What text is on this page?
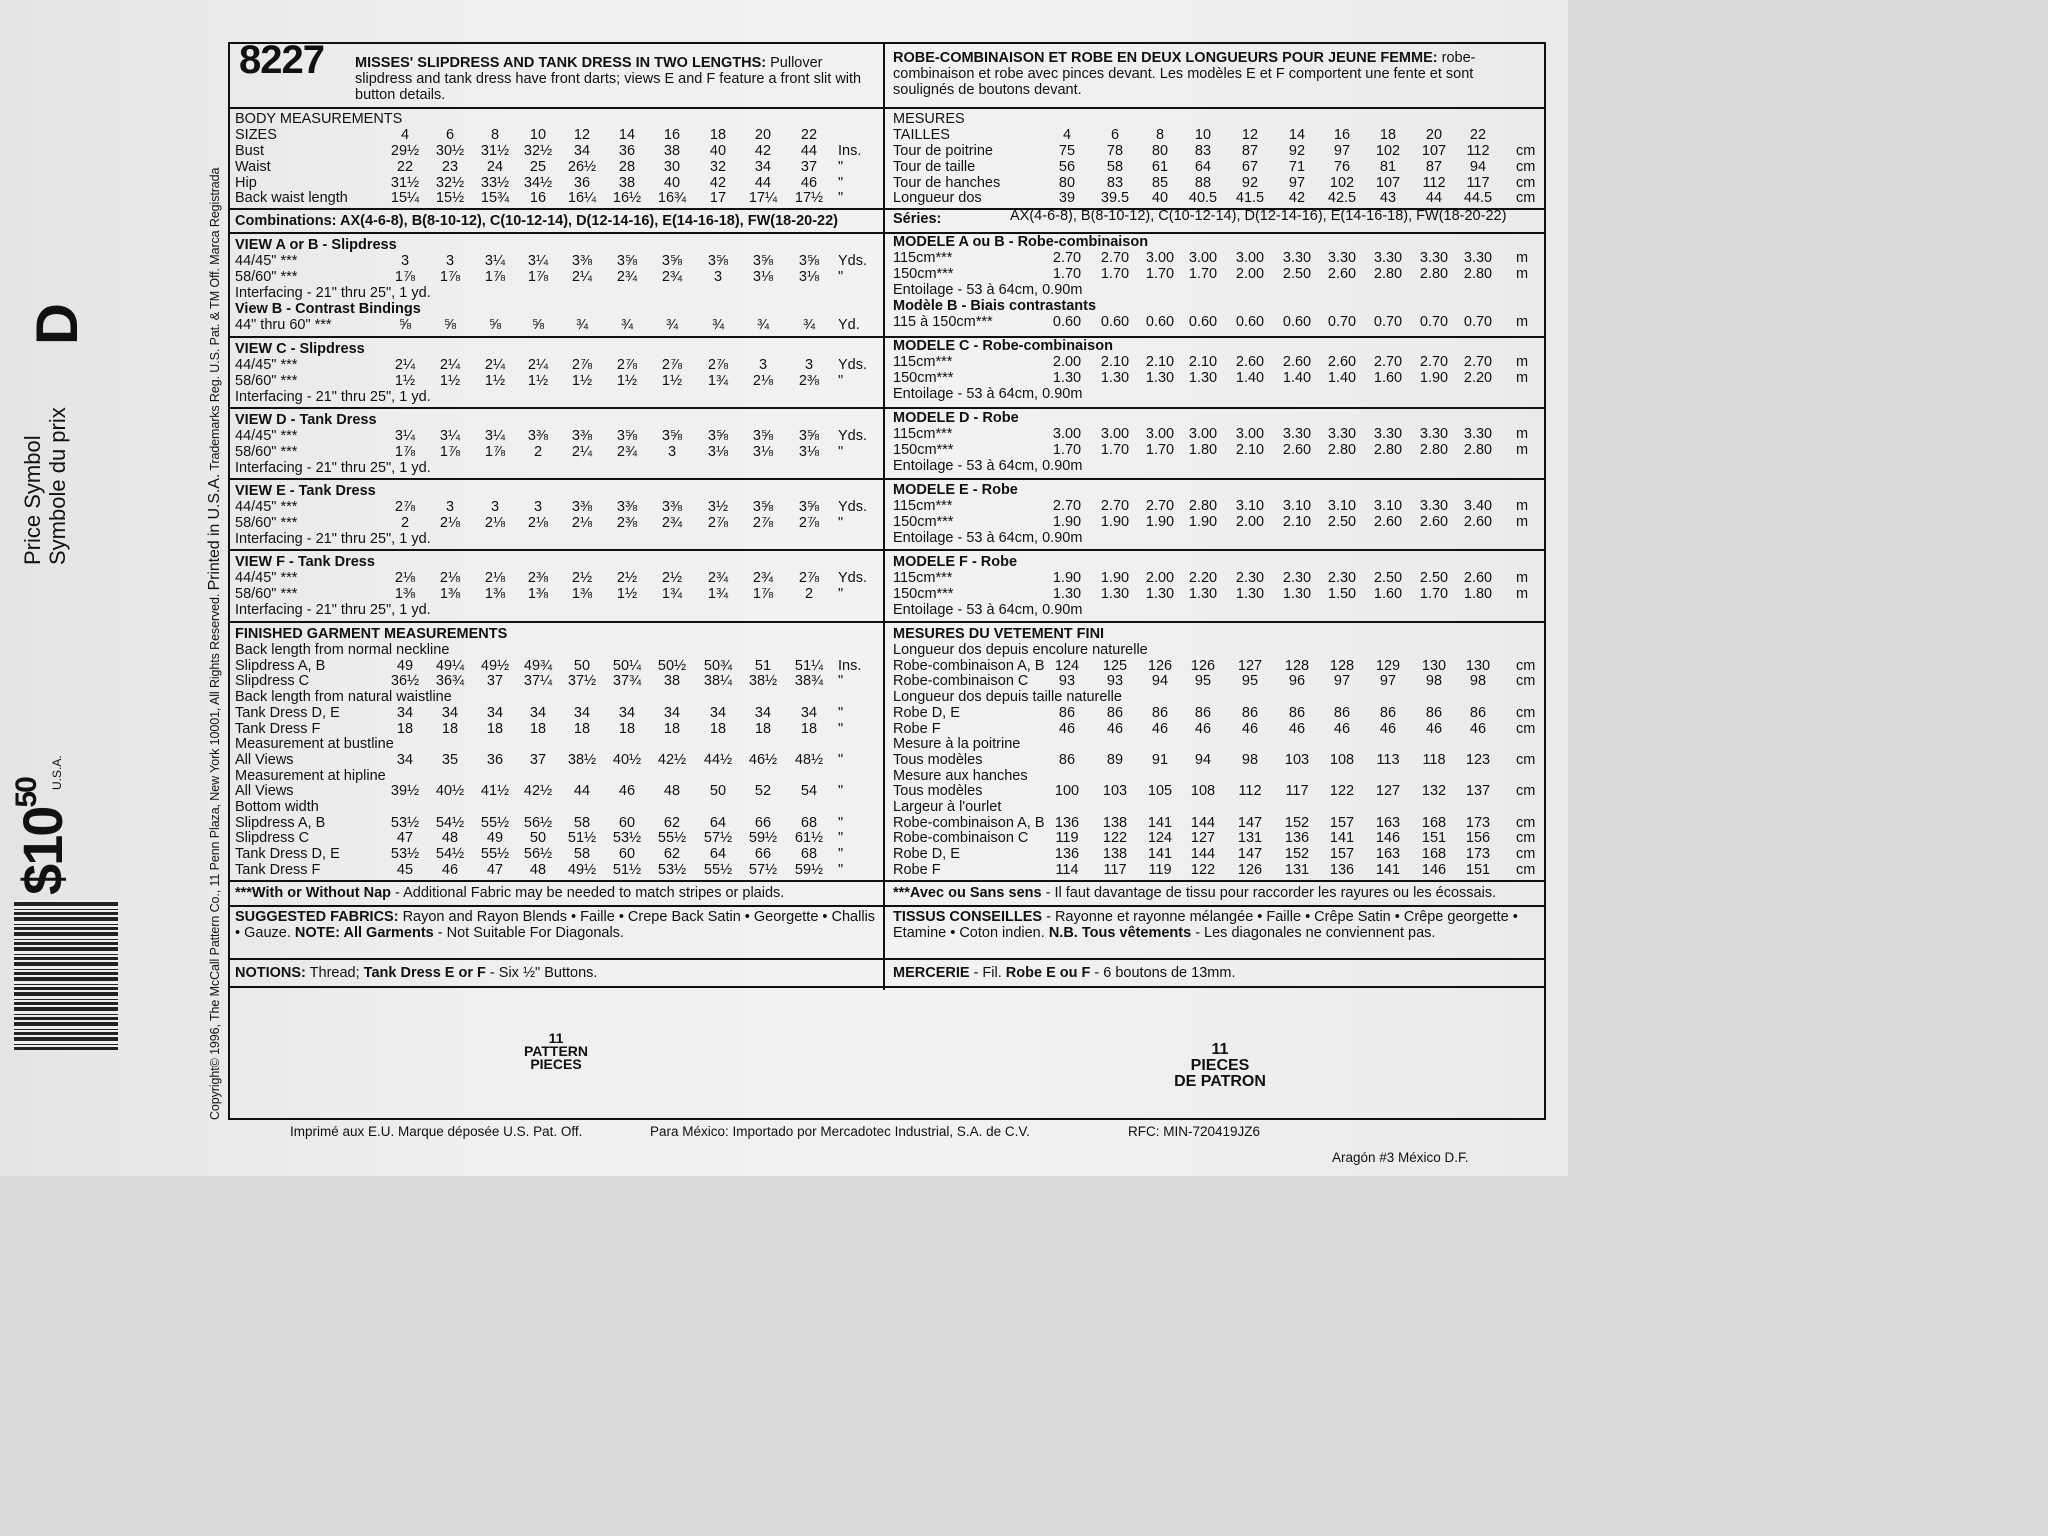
Copyright© 1996, The McCall Pattern Co., 11 Penn Plaza, New York 10001, All Rights Reserved. Printed in U.S.A. Trademarks Reg. U.S. Pat. & TM Off. Marca Registrada
Price Symbol Symbole du prix
D
$\$10^{50}$
U.S.A.
Imprimé aux E.U. Marque déposée U.S. Pat. Off.	Para México: Importado por Mercadotec Industrial, S.A. de C.V.	RFC: MIN-720419JZ6
Aragón #3 México D.F.
8227 MISSES' SLIPDRESS AND TANK DRESS IN TWO LENGTHS: Pullover slipdress and tank dress have front darts; views E and F feature a front slit with button details.
BODY MEASUREMENTS
SIZES	4	6	8	10	12	14	16	18	20	22
Bust	29½	30½	31½	32½	34	36	38	40	42	44	Ins.
Waist	22	23	24	25	26½	28	30	32	34	37	"
Hip	31½	32½	33½	34½	36	38	40	42	44	46	"
Back waist length	15¼	15½	15¾	16	16¼	16½	16¾	17	17¼	17½	"
Combinations: AX(4-6-8), B(8-10-12), C(10-12-14), D(12-14-16), E(14-16-18), FW(18-20-22)
VIEW A or B - Slipdress
44/45" ***	3	3	3¼	3¼	3⅜	3⅝	3⅝	3⅝	3⅝	3⅝	Yds.
58/60" ***	1⅞	1⅞	1⅞	1⅞	2¼	2¾	2¾	3	3⅛	3⅛	"
Interfacing - 21" thru 25", 1 yd.
View B - Contrast Bindings
44" thru 60" ***	⅝	⅝	⅝	⅝	¾	¾	¾	¾	¾	¾	Yd.
VIEW C - Slipdress
44/45" ***	2¼	2¼	2¼	2¼	2⅞	2⅞	2⅞	2⅞	3	3	Yds.
58/60" ***	1½	1½	1½	1½	1½	1½	1½	1¾	2⅛	2⅜	"
Interfacing - 21" thru 25", 1 yd.
VIEW D - Tank Dress
44/45" ***	3¼	3¼	3¼	3⅜	3⅜	3⅝	3⅝	3⅝	3⅝	3⅝	Yds.
58/60" ***	1⅞	1⅞	1⅞	2	2¼	2¾	3	3⅛	3⅛	3⅛	"
Interfacing - 21" thru 25", 1 yd.
VIEW E - Tank Dress
44/45" ***	2⅞	3	3	3	3⅜	3⅜	3⅜	3½	3⅝	3⅝	Yds.
58/60" ***	2	2⅛	2⅛	2⅛	2⅛	2⅜	2¾	2⅞	2⅞	2⅞	"
Interfacing - 21" thru 25", 1 yd.
VIEW F - Tank Dress
44/45" ***	2⅛	2⅛	2⅛	2⅜	2½	2½	2½	2¾	2¾	2⅞	Yds.
58/60" ***	1⅜	1⅜	1⅜	1⅜	1⅜	1½	1¾	1¾	1⅞	2	"
Interfacing - 21" thru 25", 1 yd.
FINISHED GARMENT MEASUREMENTS
Back length from normal neckline
Slipdress A, B	49	49¼	49½	49¾	50	50¼	50½	50¾	51	51¼	Ins.
Slipdress C	36½	36¾	37	37¼	37½	37¾	38	38¼	38½	38¾	"
Back length from natural waistline
Tank Dress D, E	34	34	34	34	34	34	34	34	34	34	"
Tank Dress F	18	18	18	18	18	18	18	18	18	18	"
Measurement at bustline
All Views	34	35	36	37	38½	40½	42½	44½	46½	48½	"
Measurement at hipline
All Views	39½	40½	41½	42½	44	46	48	50	52	54	"
Bottom width
Slipdress A, B	53½	54½	55½	56½	58	60	62	64	66	68	"
Slipdress C	47	48	49	50	51½	53½	55½	57½	59½	61½	"
Tank Dress D, E	53½	54½	55½	56½	58	60	62	64	66	68	"
Tank Dress F	45	46	47	48	49½	51½	53½	55½	57½	59½	"
***With or Without Nap - Additional Fabric may be needed to match stripes or plaids.
SUGGESTED FABRICS: Rayon and Rayon Blends • Faille • Crepe Back Satin • Georgette • Challis • Gauze. NOTE: All Garments - Not Suitable For Diagonals.
NOTIONS: Thread; Tank Dress E or F - Six ½" Buttons.
11
PATTERN
PIECES
ROBE-COMBINAISON ET ROBE EN DEUX LONGUEURS POUR JEUNE FEMME: robe-combinaison et robe avec pinces devant. Les modèles E et F comportent une fente et sont soulignés de boutons devant.
MESURES
TAILLES	4	6	8	10	12	14	16	18	20	22
Tour de poitrine	75	78	80	83	87	92	97	102	107	112	cm
Tour de taille	56	58	61	64	67	71	76	81	87	94	cm
Tour de hanches	80	83	85	88	92	97	102	107	112	117	cm
Longueur dos	39	39.5	40	40.5	41.5	42	42.5	43	44	44.5	cm
Séries:	AX(4-6-8), B(8-10-12), C(10-12-14), D(12-14-16), E(14-16-18), FW(18-20-22)
MODELE A ou B - Robe-combinaison
115cm***	2.70	2.70	3.00	3.00	3.00	3.30	3.30	3.30	3.30	3.30	m
150cm***	1.70	1.70	1.70	1.70	2.00	2.50	2.60	2.80	2.80	2.80	m
Entoilage - 53 à 64cm, 0.90m
Modèle B - Biais contrastants
115 à 150cm***	0.60	0.60	0.60	0.60	0.60	0.60	0.70	0.70	0.70	0.70	m
MODELE C - Robe-combinaison
115cm***	2.00	2.10	2.10	2.10	2.60	2.60	2.60	2.70	2.70	2.70	m
150cm***	1.30	1.30	1.30	1.30	1.40	1.40	1.40	1.60	1.90	2.20	m
Entoilage - 53 à 64cm, 0.90m
MODELE D - Robe
115cm***	3.00	3.00	3.00	3.00	3.00	3.30	3.30	3.30	3.30	3.30	m
150cm***	1.70	1.70	1.70	1.80	2.10	2.60	2.80	2.80	2.80	2.80	m
Entoilage - 53 à 64cm, 0.90m
MODELE E - Robe
115cm***	2.70	2.70	2.70	2.80	3.10	3.10	3.10	3.10	3.30	3.40	m
150cm***	1.90	1.90	1.90	1.90	2.00	2.10	2.50	2.60	2.60	2.60	m
Entoilage - 53 à 64cm, 0.90m
MODELE F - Robe
115cm***	1.90	1.90	2.00	2.20	2.30	2.30	2.30	2.50	2.50	2.60	m
150cm***	1.30	1.30	1.30	1.30	1.30	1.30	1.50	1.60	1.70	1.80	m
Entoilage - 53 à 64cm, 0.90m
MESURES DU VETEMENT FINI
Longueur dos depuis encolure naturelle
Robe-combinaison A, B 124	125	126	126	127	128	128	129	130	130	cm
Robe-combinaison C	93	93	94	95	95	96	97	97	98	98	cm
Longueur dos depuis taille naturelle
Robe D, E	86	86	86	86	86	86	86	86	86	86	cm
Robe F	46	46	46	46	46	46	46	46	46	46	cm
Mesure à la poitrine
Tous modèles	86	89	91	94	98	103	108	113	118	123	cm
Mesure aux hanches
Tous modèles	100	103	105	108	112	117	122	127	132	137	cm
Largeur à l'ourlet
Robe-combinaison A, B 136	138	141	144	147	152	157	163	168	173	cm
Robe-combinaison C	119	122	124	127	131	136	141	146	151	156	cm
Robe D, E	136	138	141	144	147	152	157	163	168	173	cm
Robe F	114	117	119	122	126	131	136	141	146	151	cm
***Avec ou Sans sens - Il faut davantage de tissu pour raccorder les rayures ou les écossais.
TISSUS CONSEILLES - Rayonne et rayonne mélangée • Faille • Crêpe Satin • Crêpe georgette • Etamine • Coton indien. N.B. Tous vêtements - Les diagonales ne conviennent pas.
MERCERIE - Fil. Robe E ou F - 6 boutons de 13mm.
11
PIECES
DE PATRON
